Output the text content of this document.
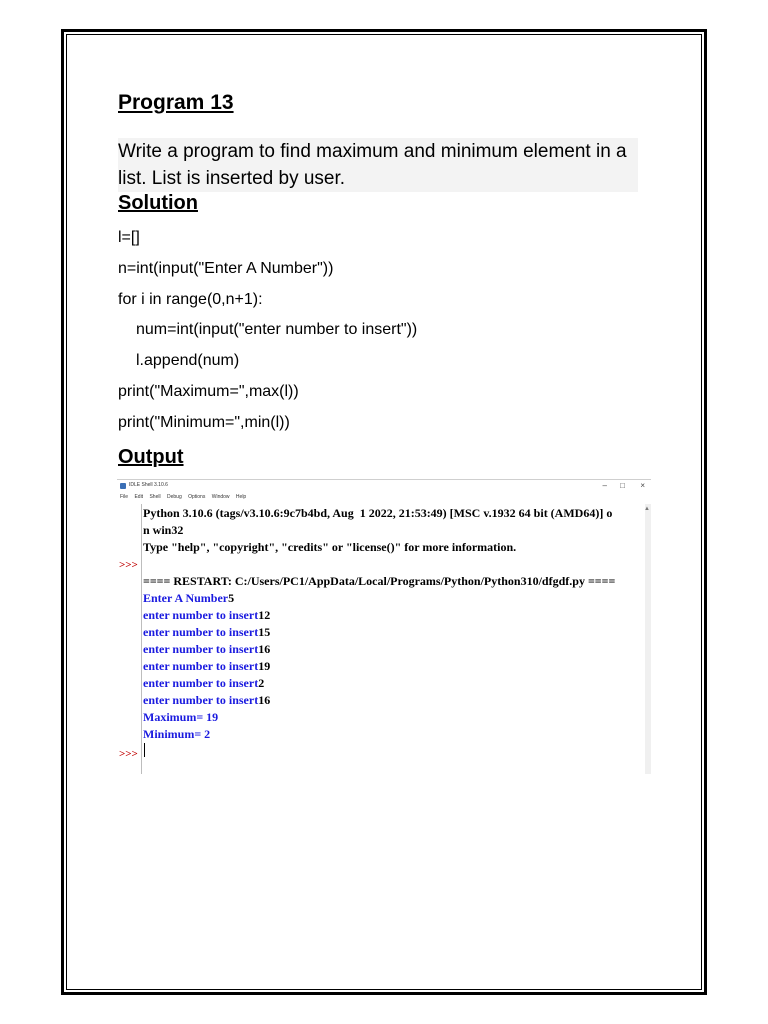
Program 13
Write a program to find maximum and minimum element in a list. List is inserted by user.
Solution
l=[]
n=int(input("Enter A Number"))
for i in range(0,n+1):
num=int(input("enter number to insert"))
l.append(num)
print("Maximum=",max(l))
print("Minimum=",min(l))
Output
IDLE Shell 3.10.6	– □ ×
File Edit Shell Debug Options Window Help
>>>
>>>
Python 3.10.6 (tags/v3.10.6:9c7b4bd, Aug  1 2022, 21:53:49) [MSC v.1932 64 bit (AMD64)] o
n win32
Type "help", "copyright", "credits" or "license()" for more information.
==== RESTART: C:/Users/PC1/AppData/Local/Programs/Python/Python310/dfgdf.py ====
Enter A Number5
enter number to insert12
enter number to insert15
enter number to insert16
enter number to insert19
enter number to insert2
enter number to insert16
Maximum= 19
Minimum= 2
▲
